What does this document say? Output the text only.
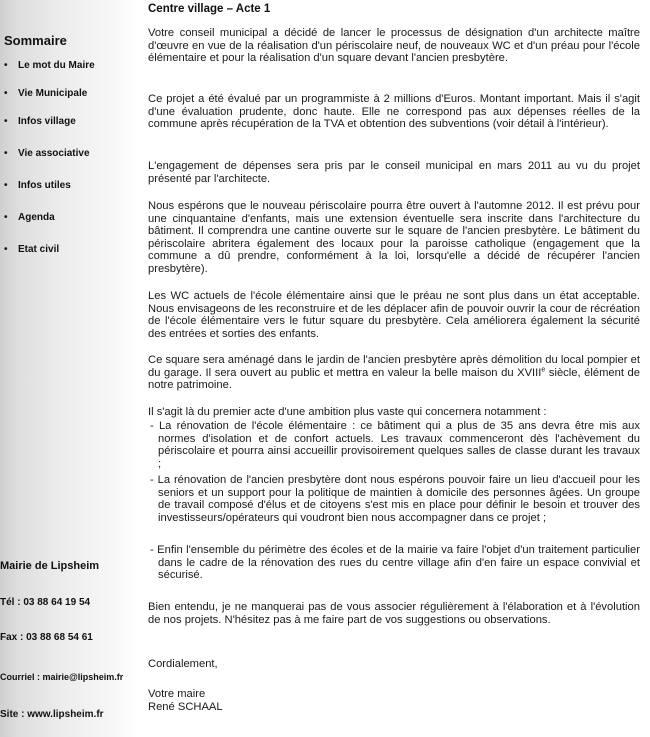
Sommaire
• Le mot du Maire
• Vie Municipale
• Infos village
• Vie associative
• Infos utiles
• Agenda
• Etat civil
Mairie de Lipsheim
Tél : 03 88 64 19 54
Fax : 03 88 68 54 61
Courriel : mairie@lipsheim.fr
Site : www.lipsheim.fr
Centre village – Acte 1

Votre conseil municipal a décidé de lancer le processus de désignation d'un architecte maître d'œuvre en vue de la réalisation d'un périscolaire neuf, de nouveaux WC et d'un préau pour l'école élémentaire et pour la réalisation d'un square devant l'ancien presbytère.

Ce projet a été évalué par un programmiste à 2 millions d'Euros. Montant important. Mais il s'agit d'une évaluation prudente, donc haute. Elle ne correspond pas aux dépenses réelles de la commune après récupération de la TVA et obtention des subventions (voir détail à l'intérieur).

L'engagement de dépenses sera pris par le conseil municipal en mars 2011 au vu du projet présenté par l'architecte.

Nous espérons que le nouveau périscolaire pourra être ouvert à l'automne 2012. Il est prévu pour une cinquantaine d'enfants, mais une extension éventuelle sera inscrite dans l'architecture du bâtiment. Il comprendra une cantine ouverte sur le square de l'ancien presbytère. Le bâtiment du périscolaire abritera également des locaux pour la paroisse catholique (engagement que la commune a dû prendre, conformément à la loi, lorsqu'elle a décidé de récupérer l'ancien presbytère).

Les WC actuels de l'école élémentaire ainsi que le préau ne sont plus dans un état acceptable. Nous envisageons de les reconstruire et de les déplacer afin de pouvoir ouvrir la cour de récréation de l'école élémentaire vers le futur square du presbytère. Cela améliorera également la sécurité des entrées et sorties des enfants.

Ce square sera aménagé dans le jardin de l'ancien presbytère après démolition du local pompier et du garage. Il sera ouvert au public et mettra en valeur la belle maison du XVIIIe siècle, élément de notre patrimoine.

Il s'agit là du premier acte d'une ambition plus vaste qui concernera notamment :

- La rénovation de l'école élémentaire : ce bâtiment qui a plus de 35 ans devra être mis aux normes d'isolation et de confort actuels. Les travaux commenceront dès l'achèvement du périscolaire et pourra ainsi accueillir provisoirement quelques salles de classe durant les travaux ;

- La rénovation de l'ancien presbytère dont nous espérons pouvoir faire un lieu d'accueil pour les seniors et un support pour la politique de maintien à domicile des personnes âgées. Un groupe de travail composé d'élus et de citoyens s'est mis en place pour définir le besoin et trouver des investisseurs/opérateurs qui voudront bien nous accompagner dans ce projet ;

- Enfin l'ensemble du périmètre des écoles et de la mairie va faire l'objet d'un traitement particulier dans le cadre de la rénovation des rues du centre village afin d'en faire un espace convivial et sécurisé.

Bien entendu, je ne manquerai pas de vous associer régulièrement à l'élaboration et à l'évolution de nos projets. N'hésitez pas à me faire part de vos suggestions ou observations.

Cordialement,

Votre maire

René SCHAAL
